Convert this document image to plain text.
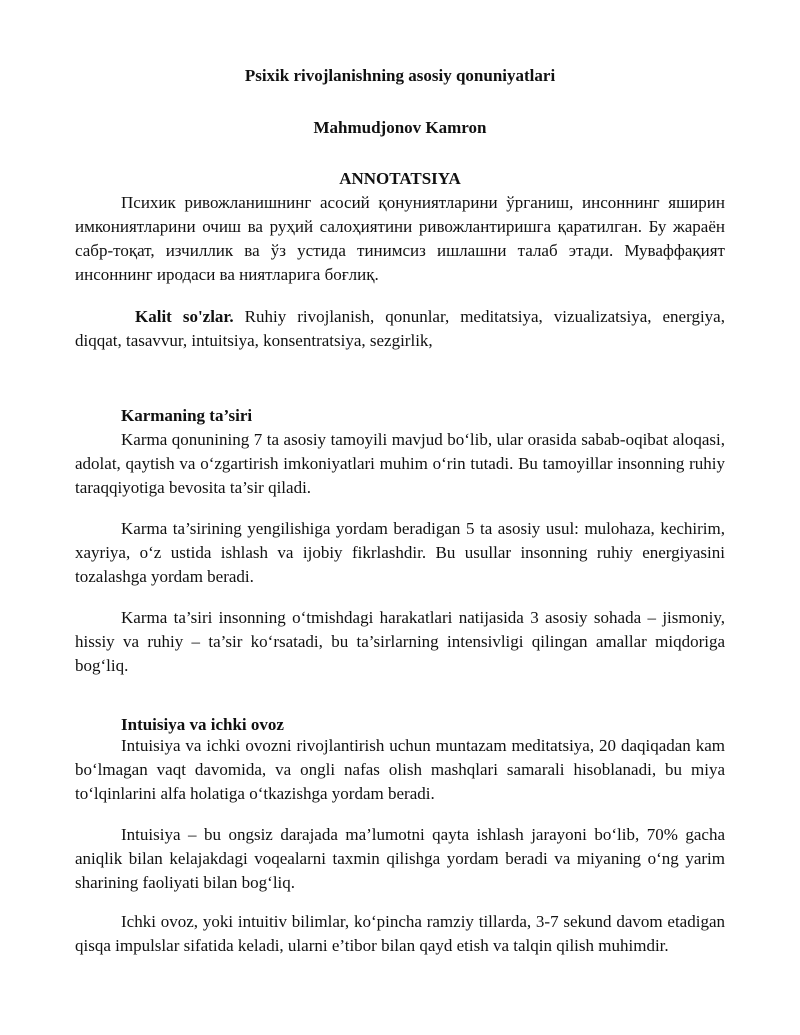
Psixik rivojlanishning asosiy qonuniyatlari
Mahmudjonov Kamron
ANNOTATSIYA
Психик ривожланишнинг асосий қонуниятларини ўрганиш, инсоннинг яширин имкониятларини очиш ва руҳий салоҳиятини ривожлантиришга қаратилган. Бу жараён сабр-тоқат, изчиллик ва ўз устида тинимсиз ишлашни талаб этади. Муваффақият инсоннинг иродаси ва ниятларига боғлиқ.
Kalit so'zlar. Ruhiy rivojlanish, qonunlar, meditatsiya, vizualizatsiya, energiya, diqqat, tasavvur, intuitsiya, konsentratsiya, sezgirlik,
Karmaning ta’siri
Karma qonunining 7 ta asosiy tamoyili mavjud bo‘lib, ular orasida sabab-oqibat aloqasi, adolat, qaytish va o‘zgartirish imkoniyatlari muhim o‘rin tutadi. Bu tamoyillar insonning ruhiy taraqqiyotiga bevosita ta’sir qiladi.
Karma ta’sirining yengilishiga yordam beradigan 5 ta asosiy usul: mulohaza, kechirim, xayriya, o‘z ustida ishlash va ijobiy fikrlashdir. Bu usullar insonning ruhiy energiyasini tozalashga yordam beradi.
Karma ta’siri insonning o‘tmishdagi harakatlari natijasida 3 asosiy sohada – jismoniy, hissiy va ruhiy – ta’sir ko‘rsatadi, bu ta’sirlarning intensivligi qilingan amallar miqdoriga bog‘liq.
Intuisiya va ichki ovoz
Intuisiya va ichki ovozni rivojlantirish uchun muntazam meditatsiya, 20 daqiqadan kam bo‘lmagan vaqt davomida, va ongli nafas olish mashqlari samarali hisoblanadi, bu miya to‘lqinlarini alfa holatiga o‘tkazishga yordam beradi.
Intuisiya – bu ongsiz darajada ma’lumotni qayta ishlash jarayoni bo‘lib, 70% gacha aniqlik bilan kelajakdagi voqealarni taxmin qilishga yordam beradi va miyaning o‘ng yarim sharining faoliyati bilan bog‘liq.
Ichki ovoz, yoki intuitiv bilimlar, ko‘pincha ramziy tillarda, 3-7 sekund davom etadigan qisqa impulslar sifatida keladi, ularni e’tibor bilan qayd etish va talqin qilish muhimdir.
